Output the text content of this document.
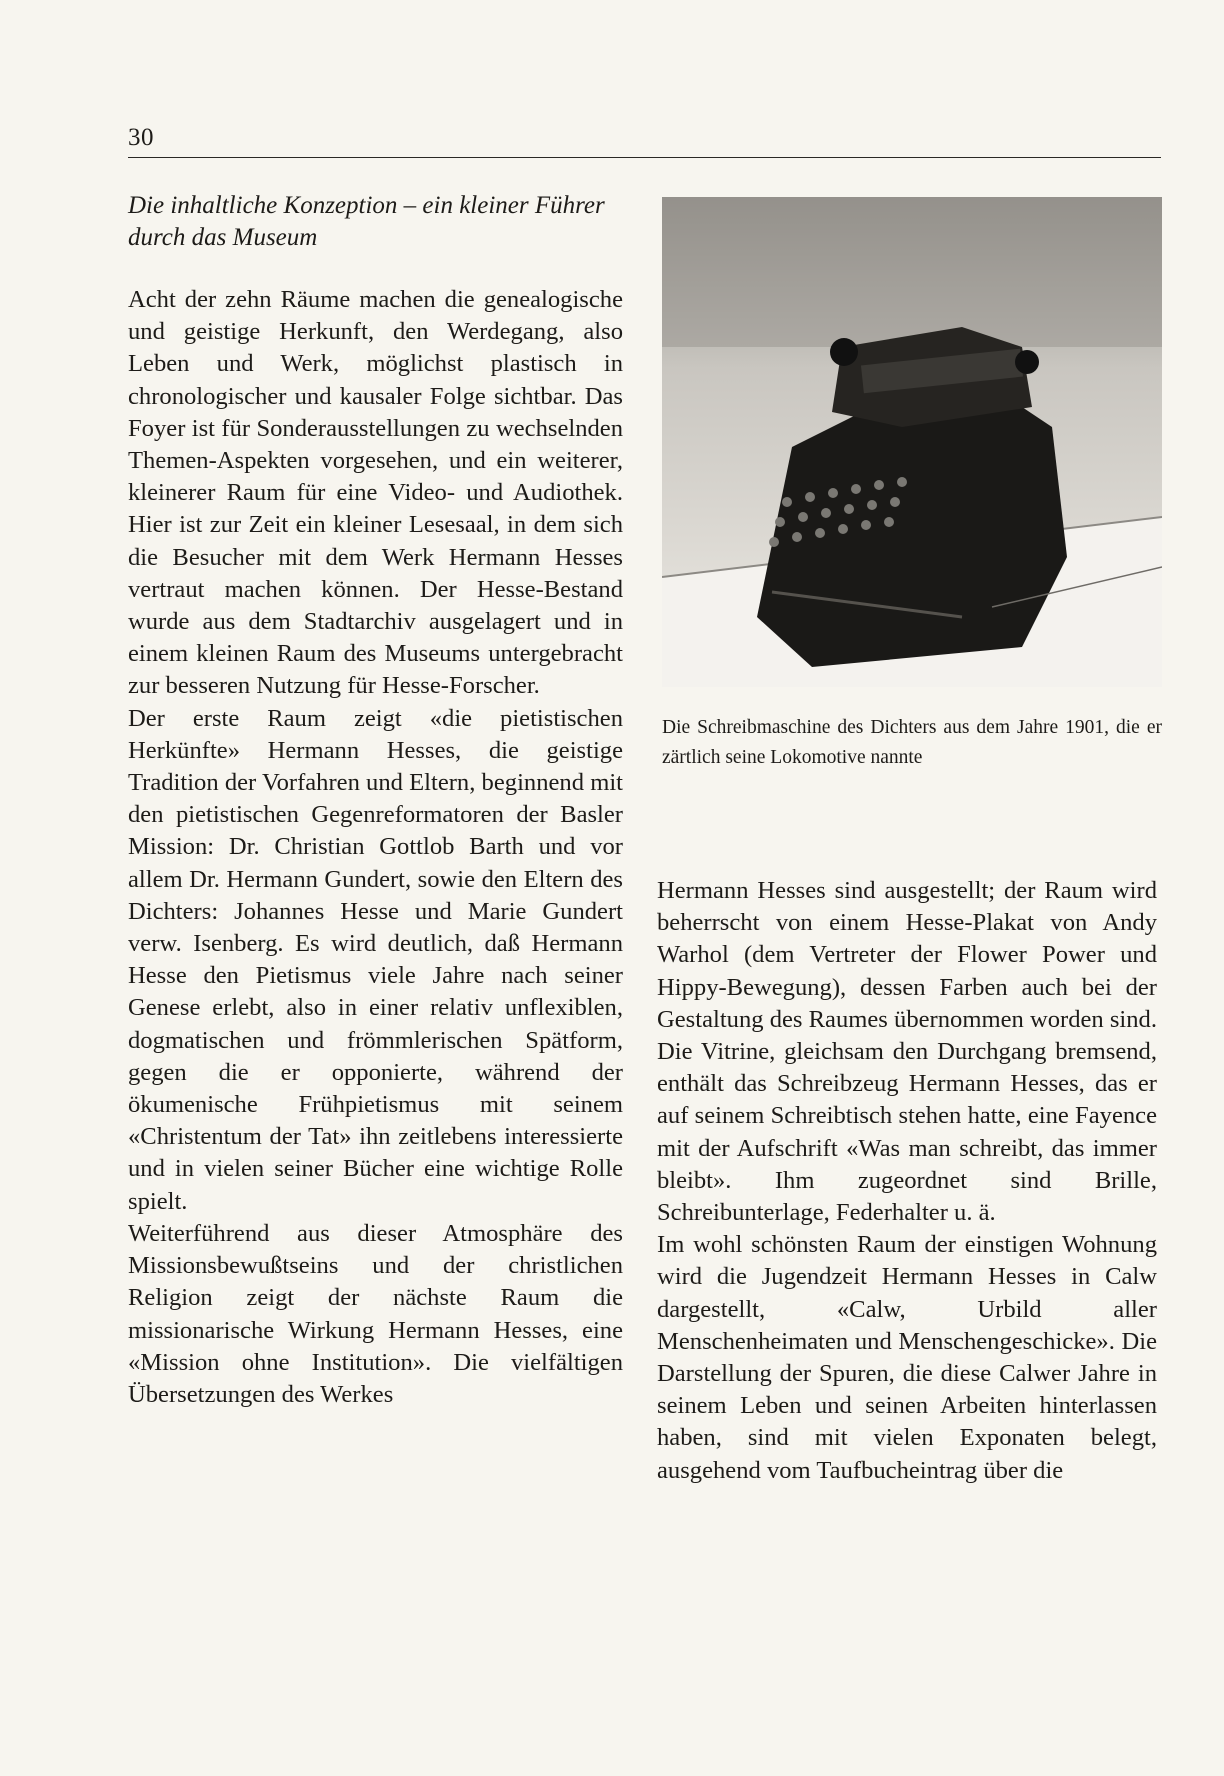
30
Die inhaltliche Konzeption – ein kleiner Führer durch das Museum

Acht der zehn Räume machen die genealogische und geistige Herkunft, den Werdegang, also Leben und Werk, möglichst plastisch in chronologischer und kausaler Folge sichtbar. Das Foyer ist für Sonderausstellungen zu wechselnden Themen-Aspekten vorgesehen, und ein weiterer, kleinerer Raum für eine Video- und Audiothek. Hier ist zur Zeit ein kleiner Lesesaal, in dem sich die Besucher mit dem Werk Hermann Hesses vertraut machen können. Der Hesse-Bestand wurde aus dem Stadtarchiv ausgelagert und in einem kleinen Raum des Museums untergebracht zur besseren Nutzung für Hesse-Forscher.

Der erste Raum zeigt «die pietistischen Herkünfte» Hermann Hesses, die geistige Tradition der Vorfahren und Eltern, beginnend mit den pietistischen Gegenreformatoren der Basler Mission: Dr. Christian Gottlob Barth und vor allem Dr. Hermann Gundert, sowie den Eltern des Dichters: Johannes Hesse und Marie Gundert verw. Isenberg. Es wird deutlich, daß Hermann Hesse den Pietismus viele Jahre nach seiner Genese erlebt, also in einer relativ unflexiblen, dogmatischen und frömmlerischen Spätform, gegen die er opponierte, während der ökumenische Frühpietismus mit seinem «Christentum der Tat» ihn zeitlebens interessierte und in vielen seiner Bücher eine wichtige Rolle spielt.

Weiterführend aus dieser Atmosphäre des Missionsbewußtseins und der christlichen Religion zeigt der nächste Raum die missionarische Wirkung Hermann Hesses, eine «Mission ohne Institution». Die vielfältigen Übersetzungen des Werkes

Die Schreibmaschine des Dichters aus dem Jahre 1901, die er zärtlich seine Lokomotive nannte

Hermann Hesses sind ausgestellt; der Raum wird beherrscht von einem Hesse-Plakat von Andy Warhol (dem Vertreter der Flower Power und Hippy-Bewegung), dessen Farben auch bei der Gestaltung des Raumes übernommen worden sind. Die Vitrine, gleichsam den Durchgang bremsend, enthält das Schreibzeug Hermann Hesses, das er auf seinem Schreibtisch stehen hatte, eine Fayence mit der Aufschrift «Was man schreibt, das immer bleibt». Ihm zugeordnet sind Brille, Schreibunterlage, Federhalter u. ä.

Im wohl schönsten Raum der einstigen Wohnung wird die Jugendzeit Hermann Hesses in Calw dargestellt, «Calw, Urbild aller Menschenheimaten und Menschengeschicke». Die Darstellung der Spuren, die diese Calwer Jahre in seinem Leben und seinen Arbeiten hinterlassen haben, sind mit vielen Exponaten belegt, ausgehend vom Taufbucheintrag über die
